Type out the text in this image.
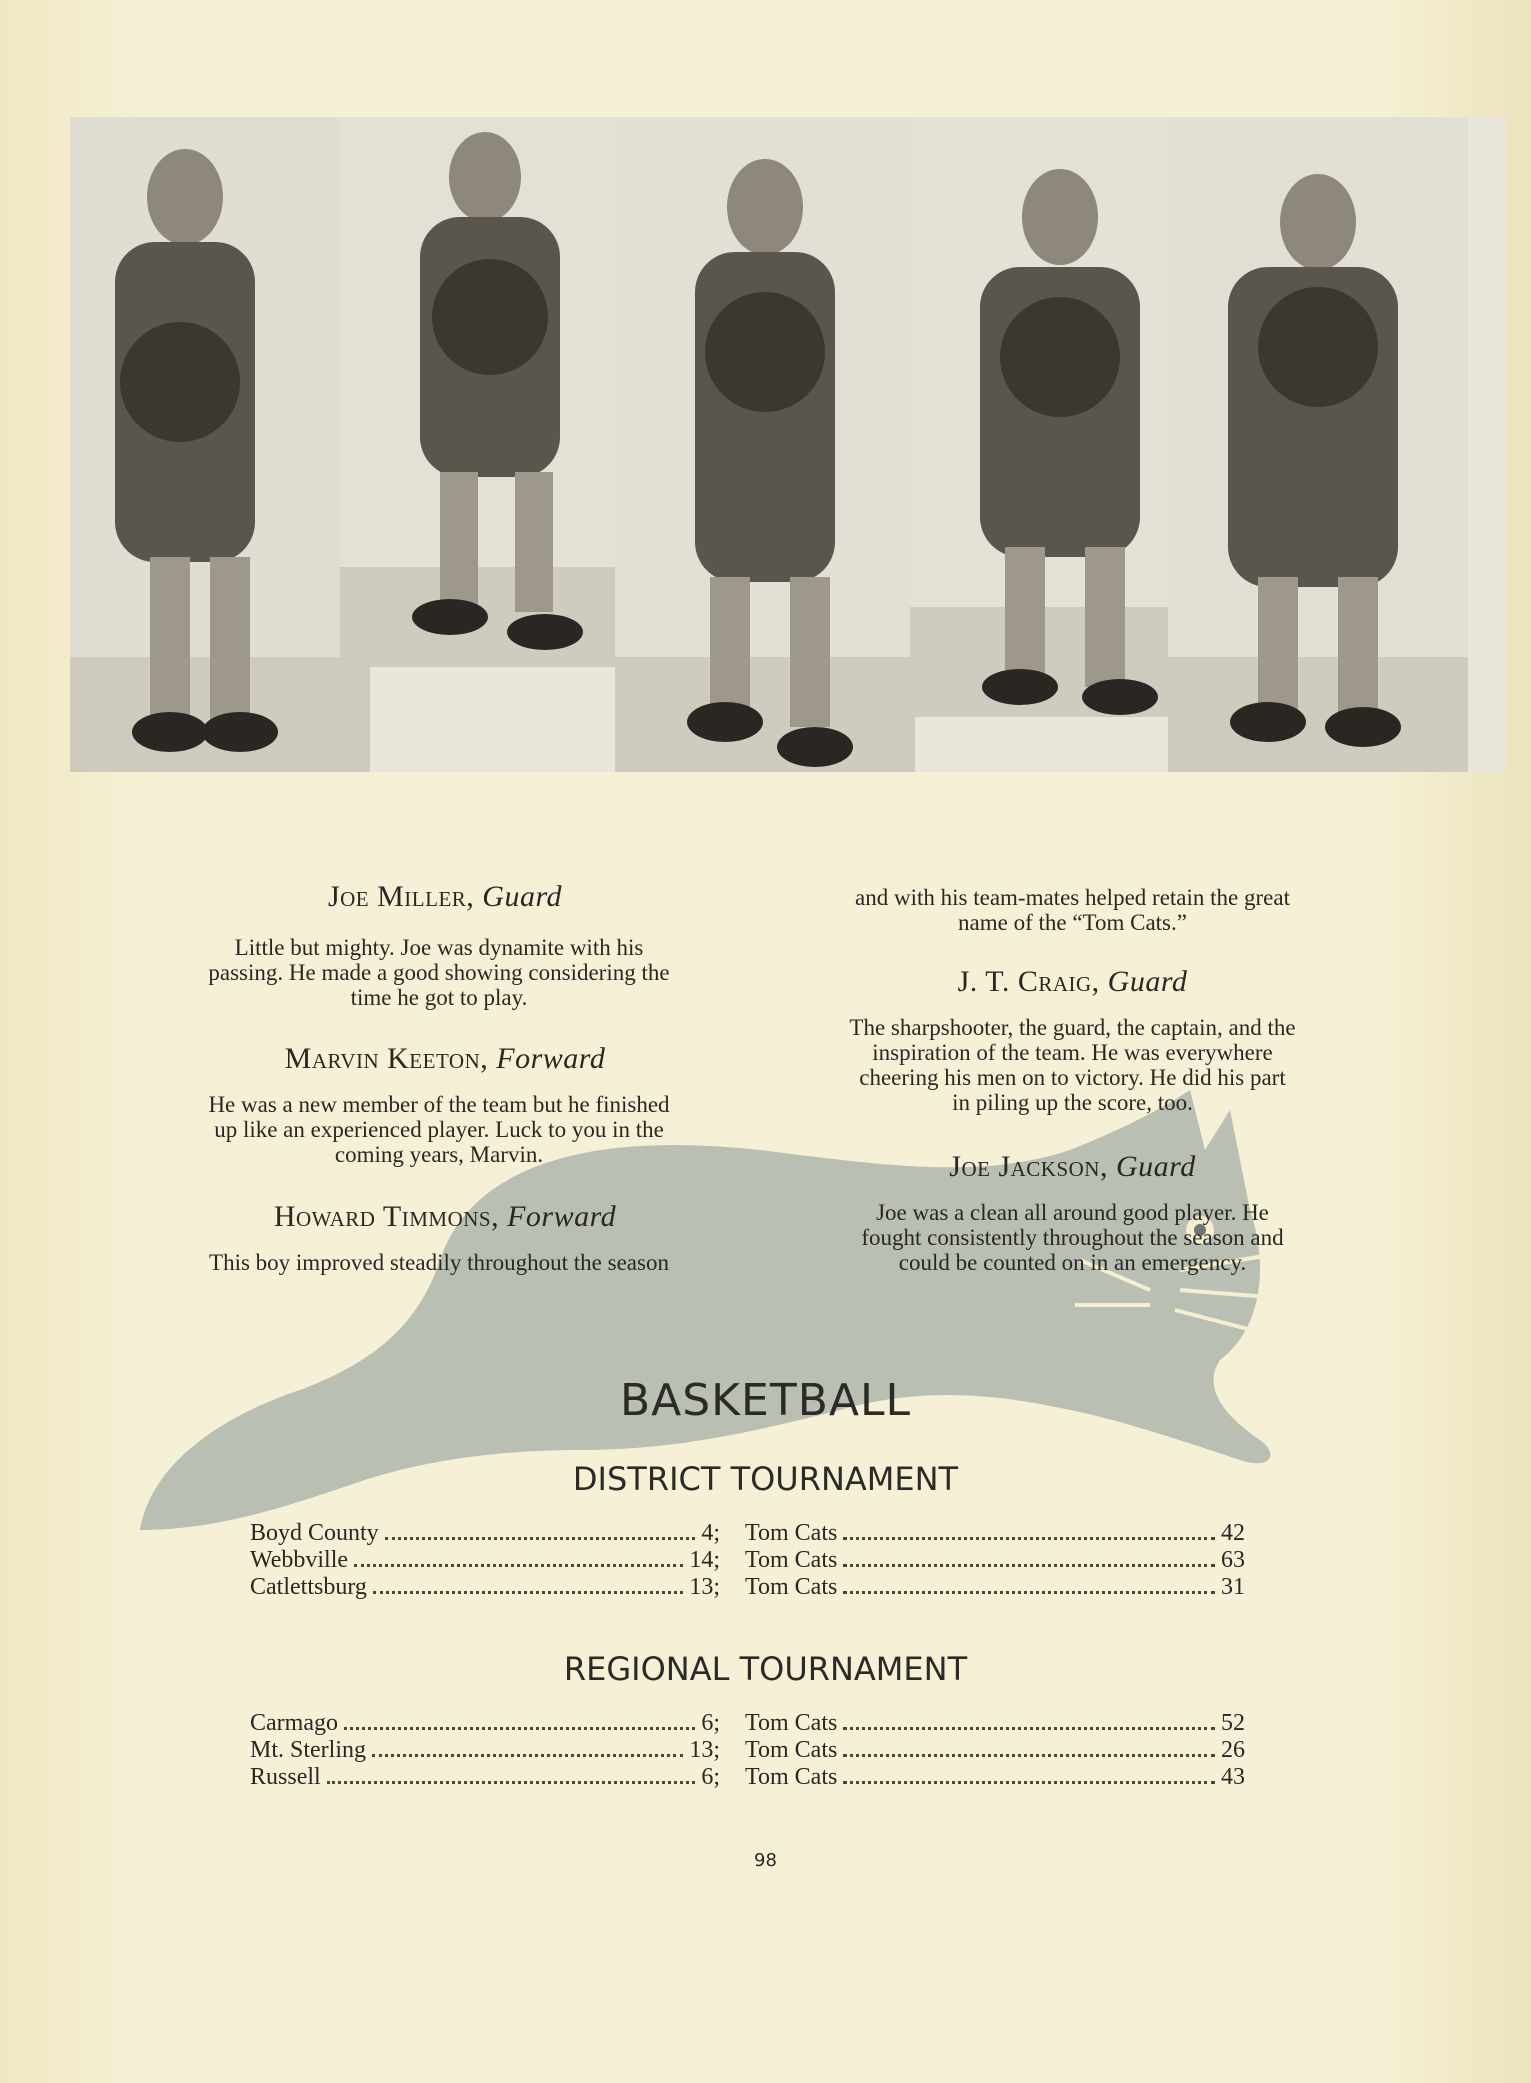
Joe Miller, Guard
Little but mighty. Joe was dynamite with his
passing. He made a good showing considering the
time he got to play.
Marvin Keeton, Forward
He was a new member of the team but he finished
up like an experienced player. Luck to you in the
coming years, Marvin.
Howard Timmons, Forward
This boy improved steadily throughout the season
and with his team-mates helped retain the great
name of the “Tom Cats.”
J. T. Craig, Guard
The sharpshooter, the guard, the captain, and the
inspiration of the team. He was everywhere
cheering his men on to victory. He did his part
in piling up the score, too.
Joe Jackson, Guard
Joe was a clean all around good player. He
fought consistently throughout the season and
could be counted on in an emergency.
BASKETBALL
DISTRICT TOURNAMENT
Boyd County	4; Tom Cats	42
Webbville	14; Tom Cats	63
Catlettsburg	13; Tom Cats	31
REGIONAL TOURNAMENT
Carmago	6; Tom Cats	52
Mt. Sterling	13; Tom Cats	26
Russell	6; Tom Cats	43
98
